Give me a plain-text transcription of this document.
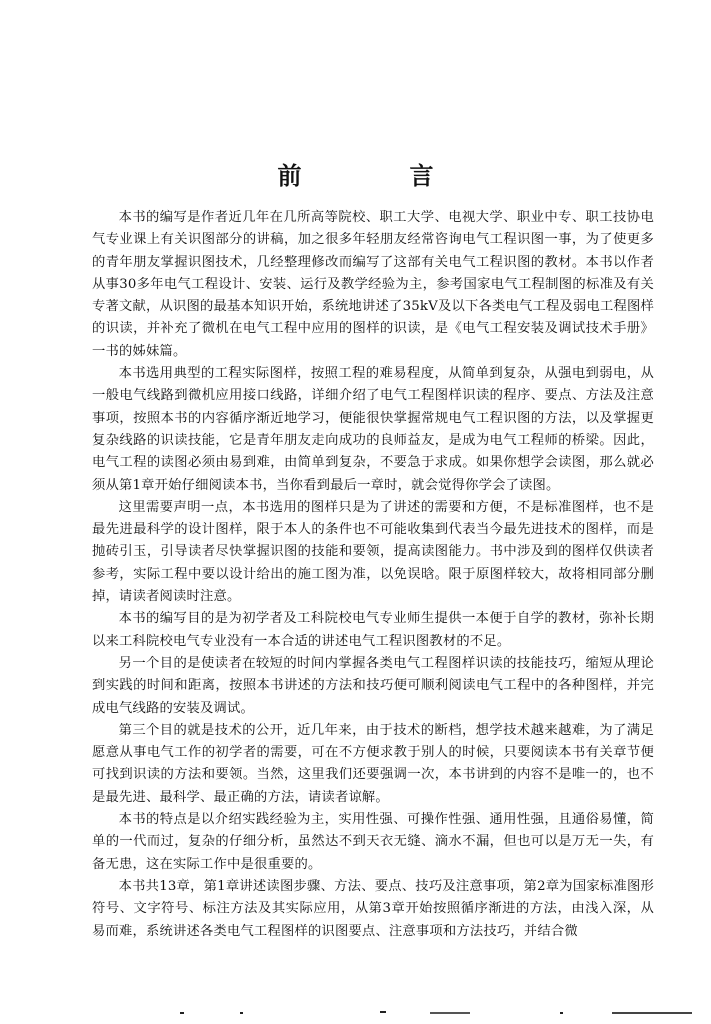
前　言

本书的编写是作者近几年在几所高等院校、职工大学、电视大学、职业中专、职工技协电气专业课上有关识图部分的讲稿，加之很多年轻朋友经常咨询电气工程识图一事，为了使更多的青年朋友掌握识图技术，几经整理修改而编写了这部有关电气工程识图的教材。本书以作者从事30多年电气工程设计、安装、运行及教学经验为主，参考国家电气工程制图的标准及有关专著文献，从识图的最基本知识开始，系统地讲述了35kV及以下各类电气工程及弱电工程图样的识读，并补充了微机在电气工程中应用的图样的识读，是《电气工程安装及调试技术手册》一书的姊妹篇。

本书选用典型的工程实际图样，按照工程的难易程度，从简单到复杂，从强电到弱电，从一般电气线路到微机应用接口线路，详细介绍了电气工程图样识读的程序、要点、方法及注意事项，按照本书的内容循序渐近地学习，便能很快掌握常规电气工程识图的方法，以及掌握更复杂线路的识读技能，它是青年朋友走向成功的良师益友，是成为电气工程师的桥梁。因此，电气工程的读图必须由易到难，由简单到复杂，不要急于求成。如果你想学会读图，那么就必须从第1章开始仔细阅读本书，当你看到最后一章时，就会觉得你学会了读图。

这里需要声明一点，本书选用的图样只是为了讲述的需要和方便，不是标准图样，也不是最先进最科学的设计图样，限于本人的条件也不可能收集到代表当今最先进技术的图样，而是抛砖引玉，引导读者尽快掌握识图的技能和要领，提高读图能力。书中涉及到的图样仅供读者参考，实际工程中要以设计给出的施工图为准，以免误晗。限于原图样较大，故将相同部分删掉，请读者阅读时注意。

本书的编写目的是为初学者及工科院校电气专业师生提供一本便于自学的教材，弥补长期以来工科院校电气专业没有一本合适的讲述电气工程识图教材的不足。

另一个目的是使读者在较短的时间内掌握各类电气工程图样识读的技能技巧，缩短从理论到实践的时间和距离，按照本书讲述的方法和技巧便可顺利阅读电气工程中的各种图样，并完成电气线路的安装及调试。

第三个目的就是技术的公开，近几年来，由于技术的断档，想学技术越来越难，为了满足愿意从事电气工作的初学者的需要，可在不方便求教于别人的时候，只要阅读本书有关章节便可找到识读的方法和要领。当然，这里我们还要强调一次，本书讲到的内容不是唯一的，也不是最先进、最科学、最正确的方法，请读者谅解。

本书的特点是以介绍实践经验为主，实用性强、可操作性强、通用性强，且通俗易懂，简单的一代而过，复杂的仔细分析，虽然达不到天衣无缝、滴水不漏，但也可以是万无一失，有备无患，这在实际工作中是很重要的。

本书共13章，第1章讲述读图步骤、方法、要点、技巧及注意事项，第2章为国家标准图形符号、文字符号、标注方法及其实际应用，从第3章开始按照循序渐进的方法，由浅入深，从易而难，系统讲述各类电气工程图样的识图要点、注意事项和方法技巧，并结合微
